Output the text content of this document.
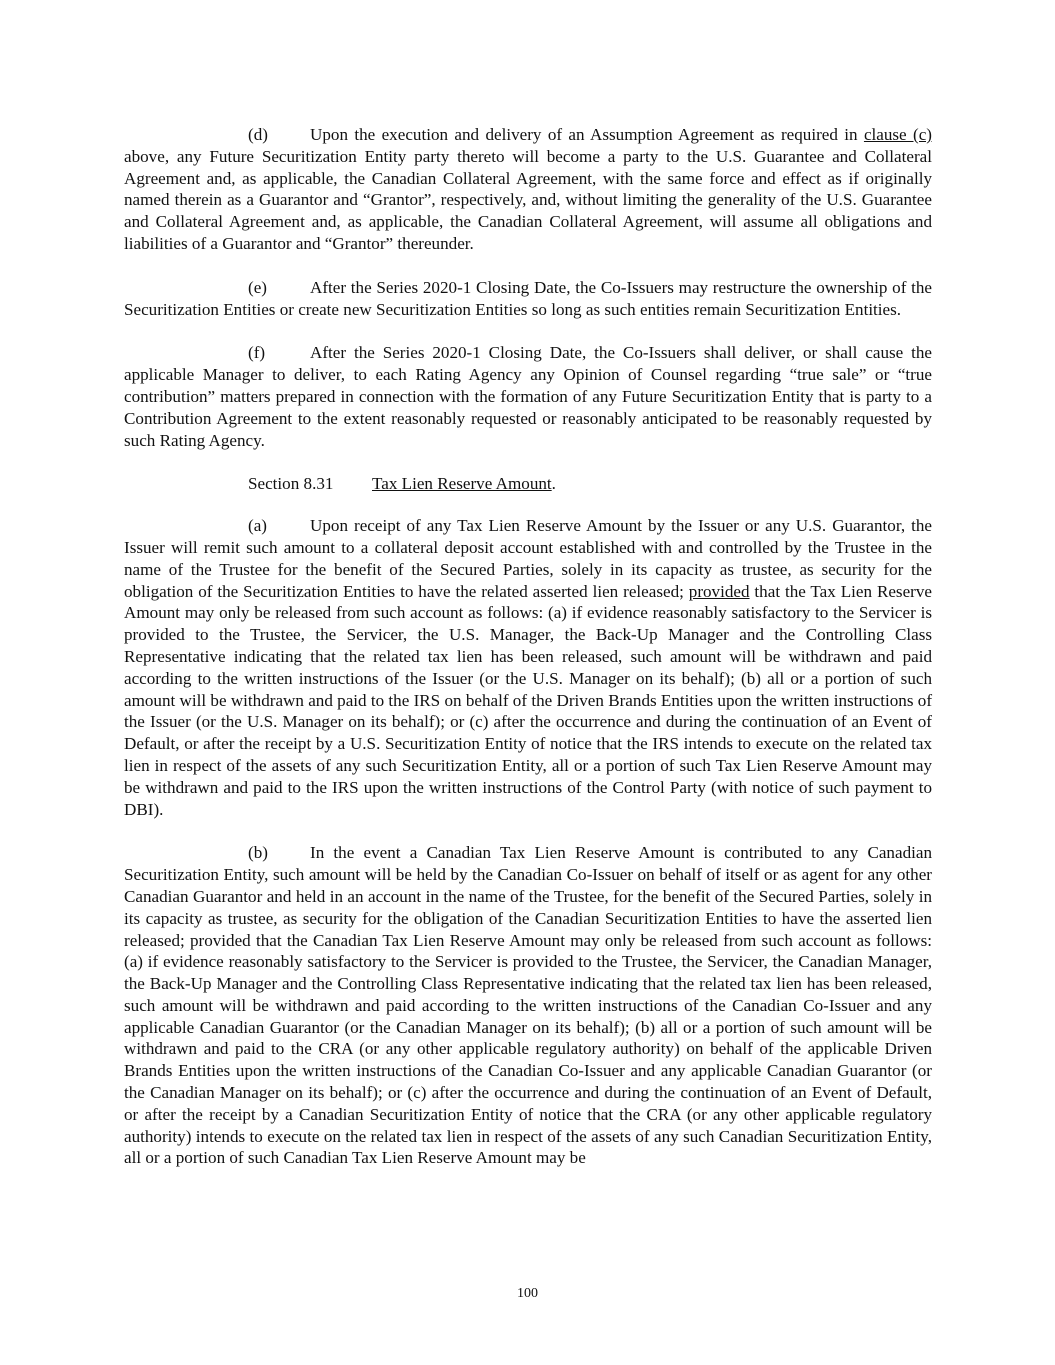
(d) Upon the execution and delivery of an Assumption Agreement as required in clause (c) above, any Future Securitization Entity party thereto will become a party to the U.S. Guarantee and Collateral Agreement and, as applicable, the Canadian Collateral Agreement, with the same force and effect as if originally named therein as a Guarantor and “Grantor”, respectively, and, without limiting the generality of the U.S. Guarantee and Collateral Agreement and, as applicable, the Canadian Collateral Agreement, will assume all obligations and liabilities of a Guarantor and “Grantor” thereunder.

(e)	After the Series 2020-1 Closing Date, the Co-Issuers may restructure the ownership of the Securitization Entities or create new Securitization Entities so long as such entities remain Securitization Entities.

(f)	After the Series 2020-1 Closing Date, the Co-Issuers shall deliver, or shall cause the applicable Manager to deliver, to each Rating Agency any Opinion of Counsel regarding “true sale” or “true contribution” matters prepared in connection with the formation of any Future Securitization Entity that is party to a Contribution Agreement to the extent reasonably requested or reasonably anticipated to be reasonably requested by such Rating Agency.

Section 8.31 Tax Lien Reserve Amount.

(a)	Upon receipt of any Tax Lien Reserve Amount by the Issuer or any U.S. Guarantor, the Issuer will remit such amount to a collateral deposit account established with and controlled by the Trustee in the name of the Trustee for the benefit of the Secured Parties, solely in its capacity as trustee, as security for the obligation of the Securitization Entities to have the related asserted lien released; provided that the Tax Lien Reserve Amount may only be released from such account as follows: (a) if evidence reasonably satisfactory to the Servicer is provided to the Trustee, the Servicer, the U.S. Manager, the Back-Up Manager and the Controlling Class Representative indicating that the related tax lien has been released, such amount will be withdrawn and paid according to the written instructions of the Issuer (or the U.S. Manager on its behalf); (b) all or a portion of such amount will be withdrawn and paid to the IRS on behalf of the Driven Brands Entities upon the written instructions of the Issuer (or the U.S. Manager on its behalf); or (c) after the occurrence and during the continuation of an Event of Default, or after the receipt by a U.S. Securitization Entity of notice that the IRS intends to execute on the related tax lien in respect of the assets of any such Securitization Entity, all or a portion of such Tax Lien Reserve Amount may be withdrawn and paid to the IRS upon the written instructions of the Control Party (with notice of such payment to DBI).

(b) In the event a Canadian Tax Lien Reserve Amount is contributed to any Canadian Securitization Entity, such amount will be held by the Canadian Co-Issuer on behalf of itself or as agent for any other Canadian Guarantor and held in an account in the name of the Trustee, for the benefit of the Secured Parties, solely in its capacity as trustee, as security for the obligation of the Canadian Securitization Entities to have the asserted lien released; provided that the Canadian Tax Lien Reserve Amount may only be released from such account as follows: (a) if evidence reasonably satisfactory to the Servicer is provided to the Trustee, the Servicer, the Canadian Manager, the Back-Up Manager and the Controlling Class Representative indicating that the related tax lien has been released, such amount will be withdrawn and paid according to the written instructions of the Canadian Co-Issuer and any applicable Canadian Guarantor (or the Canadian Manager on its behalf); (b) all or a portion of such amount will be withdrawn and paid to the CRA (or any other applicable regulatory authority) on behalf of the applicable Driven Brands Entities upon the written instructions of the Canadian Co-Issuer and any applicable Canadian Guarantor (or the Canadian Manager on its behalf); or (c) after the occurrence and during the continuation of an Event of Default, or after the receipt by a Canadian Securitization Entity of notice that the CRA (or any other applicable regulatory authority) intends to execute on the related tax lien in respect of the assets of any such Canadian Securitization Entity, all or a portion of such Canadian Tax Lien Reserve Amount may be

100
